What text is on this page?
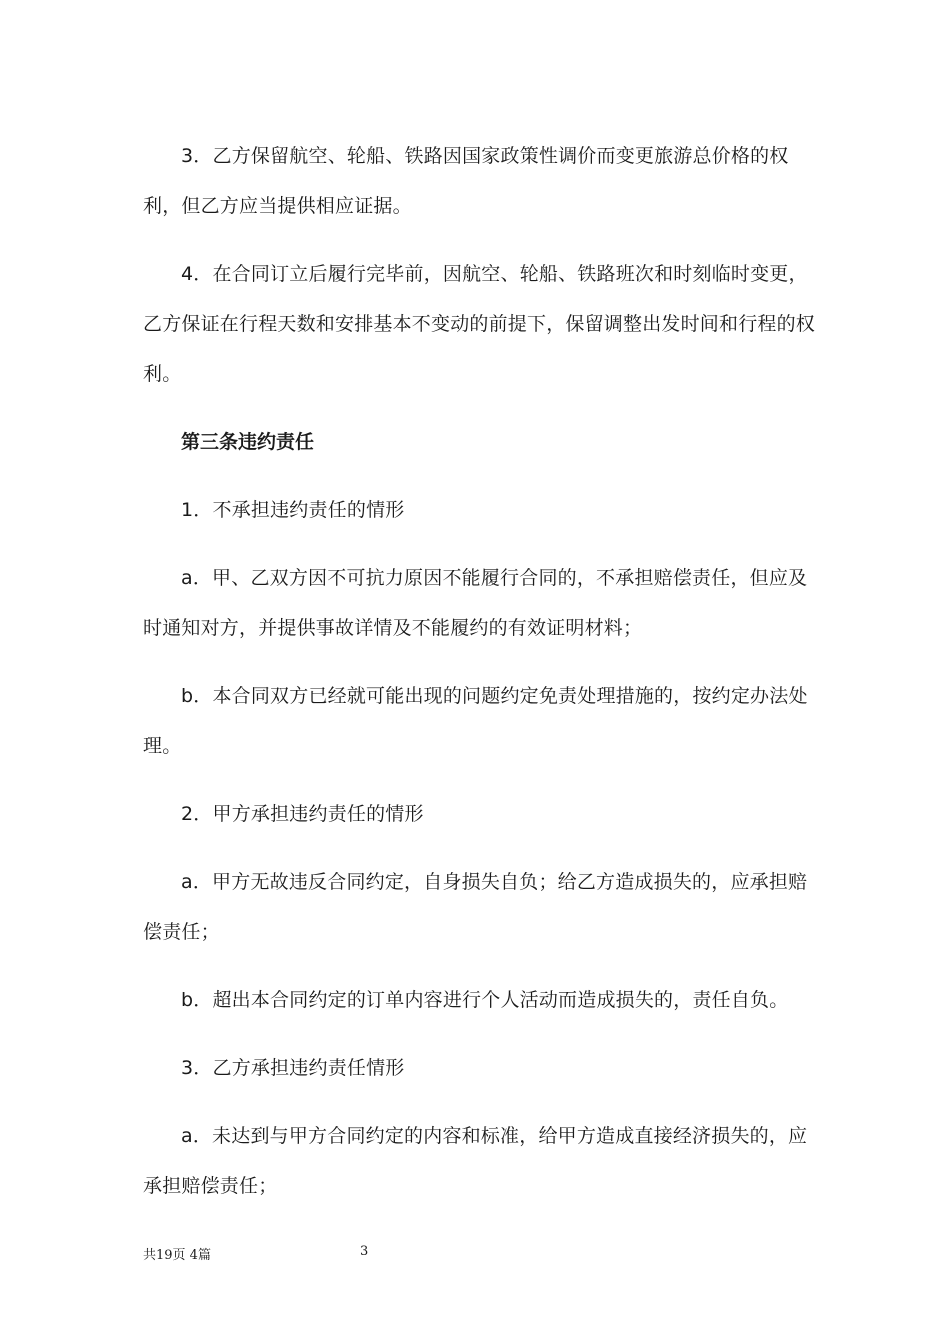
3．乙方保留航空、轮船、铁路因国家政策性调价而变更旅游总价格的权利，但乙方应当提供相应证据。

4．在合同订立后履行完毕前，因航空、轮船、铁路班次和时刻临时变更，乙方保证在行程天数和安排基本不变动的前提下，保留调整出发时间和行程的权利。

第三条违约责任

1．不承担违约责任的情形

a．甲、乙双方因不可抗力原因不能履行合同的，不承担赔偿责任，但应及时通知对方，并提供事故详情及不能履约的有效证明材料；

b．本合同双方已经就可能出现的问题约定免责处理措施的，按约定办法处理。

2．甲方承担违约责任的情形

a．甲方无故违反合同约定，自身损失自负；给乙方造成损失的，应承担赔偿责任；

b．超出本合同约定的订单内容进行个人活动而造成损失的，责任自负。

3．乙方承担违约责任情形

a．未达到与甲方合同约定的内容和标准，给甲方造成直接经济损失的，应承担赔偿责任；

共19页 4篇	3
